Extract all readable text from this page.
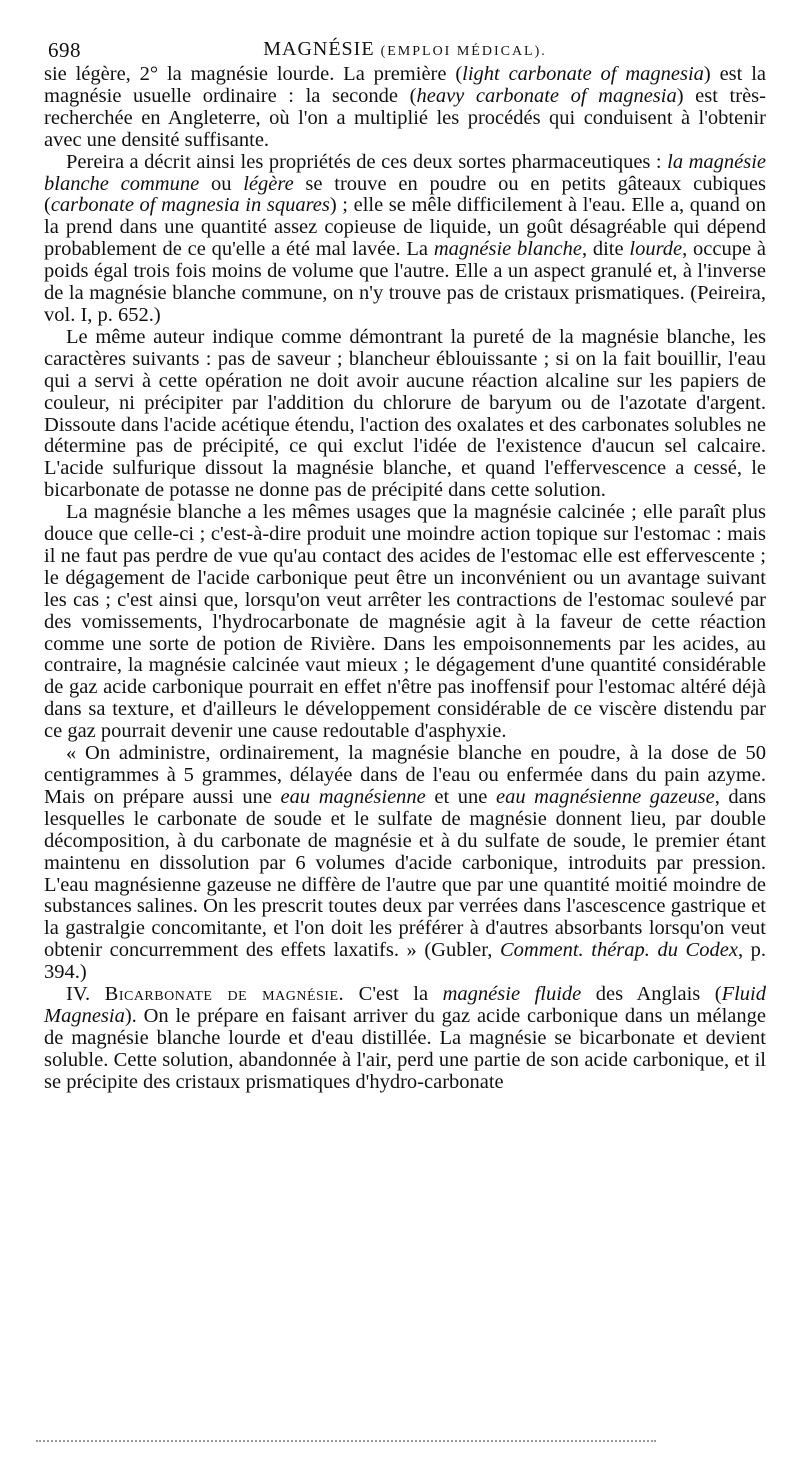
698	MAGNÉSIE (EMPLOI MÉDICAL).

sie légère, 2° la magnésie lourde. La première (light carbonate of magnesia) est la magnésie usuelle ordinaire : la seconde (heavy carbonate of magnesia) est très-recherchée en Angleterre, où l'on a multiplié les procédés qui conduisent à l'obtenir avec une densité suffisante.

Pereira a décrit ainsi les propriétés de ces deux sortes pharmaceutiques : la magnésie blanche commune ou légère se trouve en poudre ou en petits gâteaux cubiques (carbonate of magnesia in squares) ; elle se mêle difficilement à l'eau. Elle a, quand on la prend dans une quantité assez copieuse de liquide, un goût désagréable qui dépend probablement de ce qu'elle a été mal lavée. La magnésie blanche, dite lourde, occupe à poids égal trois fois moins de volume que l'autre. Elle a un aspect granulé et, à l'inverse de la magnésie blanche commune, on n'y trouve pas de cristaux prismatiques. (Peireira, vol. I, p. 652.)

Le même auteur indique comme démontrant la pureté de la magnésie blanche, les caractères suivants : pas de saveur ; blancheur éblouissante ; si on la fait bouillir, l'eau qui a servi à cette opération ne doit avoir aucune réaction alcaline sur les papiers de couleur, ni précipiter par l'addition du chlorure de baryum ou de l'azotate d'argent. Dissoute dans l'acide acétique étendu, l'action des oxalates et des carbonates solubles ne détermine pas de précipité, ce qui exclut l'idée de l'existence d'aucun sel calcaire. L'acide sulfurique dissout la magnésie blanche, et quand l'effervescence a cessé, le bicarbonate de potasse ne donne pas de précipité dans cette solution.

La magnésie blanche a les mêmes usages que la magnésie calcinée ; elle paraît plus douce que celle-ci ; c'est-à-dire produit une moindre action topique sur l'estomac : mais il ne faut pas perdre de vue qu'au contact des acides de l'estomac elle est effervescente ; le dégagement de l'acide carbonique peut être un inconvénient ou un avantage suivant les cas ; c'est ainsi que, lorsqu'on veut arrêter les contractions de l'estomac soulevé par des vomissements, l'hydrocarbonate de magnésie agit à la faveur de cette réaction comme une sorte de potion de Rivière. Dans les empoisonnements par les acides, au contraire, la magnésie calcinée vaut mieux ; le dégagement d'une quantité considérable de gaz acide carbonique pourrait en effet n'être pas inoffensif pour l'estomac altéré déjà dans sa texture, et d'ailleurs le développement considérable de ce viscère distendu par ce gaz pourrait devenir une cause redoutable d'asphyxie.

« On administre, ordinairement, la magnésie blanche en poudre, à la dose de 50 centigrammes à 5 grammes, délayée dans de l'eau ou enfermée dans du pain azyme. Mais on prépare aussi une eau magnésienne et une eau magnésienne gazeuse, dans lesquelles le carbonate de soude et le sulfate de magnésie donnent lieu, par double décomposition, à du carbonate de magnésie et à du sulfate de soude, le premier étant maintenu en dissolution par 6 volumes d'acide carbonique, introduits par pression. L'eau magnésienne gazeuse ne diffère de l'autre que par une quantité moitié moindre de substances salines. On les prescrit toutes deux par verrées dans l'ascescence gastrique et la gastralgie concomitante, et l'on doit les préférer à d'autres absorbants lorsqu'on veut obtenir concurremment des effets laxatifs. » (Gubler, Comment. thérap. du Codex, p. 394.)

IV. Bicarbonate de magnésie. C'est la magnésie fluide des Anglais (Fluid Magnesia). On le prépare en faisant arriver du gaz acide carbonique dans un mélange de magnésie blanche lourde et d'eau distillée. La magnésie se bicarbonate et devient soluble. Cette solution, abandonnée à l'air, perd une partie de son acide carbonique, et il se précipite des cristaux prismatiques d'hydro-carbonate
